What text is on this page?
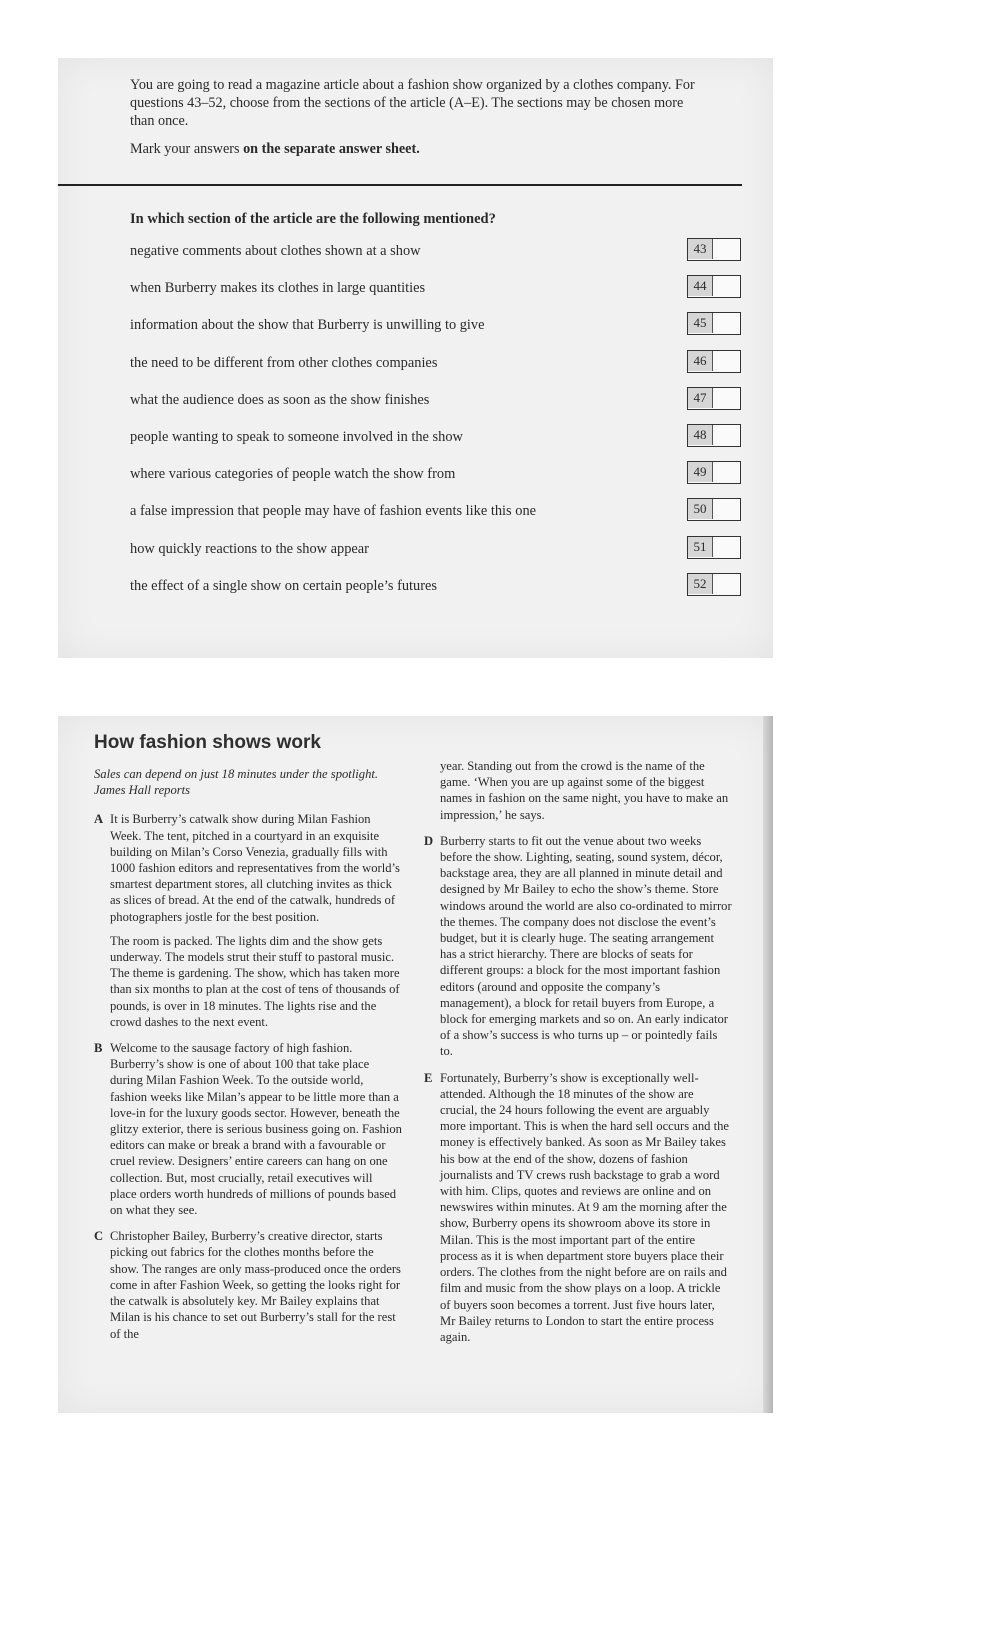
You are going to read a magazine article about a fashion show organized by a clothes company. For questions 43–52, choose from the sections of the article (A–E). The sections may be chosen more than once.

Mark your answers on the separate answer sheet.

In which section of the article are the following mentioned?
negative comments about clothes shown at a show	43
when Burberry makes its clothes in large quantities	44
information about the show that Burberry is unwilling to give	45
the need to be different from other clothes companies	46
what the audience does as soon as the show finishes	47
people wanting to speak to someone involved in the show	48
where various categories of people watch the show from	49
a false impression that people may have of fashion events like this one	50
how quickly reactions to the show appear	51
the effect of a single show on certain people’s futures	52
How fashion shows work

Sales can depend on just 18 minutes under the spotlight. James Hall reports

A It is Burberry’s catwalk show during Milan Fashion Week. The tent, pitched in a courtyard in an exquisite building on Milan’s Corso Venezia, gradually fills with 1000 fashion editors and representatives from the world’s smartest department stores, all clutching invites as thick as slices of bread. At the end of the catwalk, hundreds of photographers jostle for the best position.

The room is packed. The lights dim and the show gets underway. The models strut their stuff to pastoral music. The theme is gardening. The show, which has taken more than six months to plan at the cost of tens of thousands of pounds, is over in 18 minutes. The lights rise and the crowd dashes to the next event.

B Welcome to the sausage factory of high fashion. Burberry’s show is one of about 100 that take place during Milan Fashion Week. To the outside world, fashion weeks like Milan’s appear to be little more than a love-in for the luxury goods sector. However, beneath the glitzy exterior, there is serious business going on. Fashion editors can make or break a brand with a favourable or cruel review. Designers’ entire careers can hang on one collection. But, most crucially, retail executives will place orders worth hundreds of millions of pounds based on what they see.

C Christopher Bailey, Burberry’s creative director, starts picking out fabrics for the clothes months before the show. The ranges are only mass-produced once the orders come in after Fashion Week, so getting the looks right for the catwalk is absolutely key. Mr Bailey explains that Milan is his chance to set out Burberry’s stall for the rest of the

year. Standing out from the crowd is the name of the game. ‘When you are up against some of the biggest names in fashion on the same night, you have to make an impression,’ he says.

D Burberry starts to fit out the venue about two weeks before the show. Lighting, seating, sound system, décor, backstage area, they are all planned in minute detail and designed by Mr Bailey to echo the show’s theme. Store windows around the world are also co-ordinated to mirror the themes. The company does not disclose the event’s budget, but it is clearly huge. The seating arrangement has a strict hierarchy. There are blocks of seats for different groups: a block for the most important fashion editors (around and opposite the company’s management), a block for retail buyers from Europe, a block for emerging markets and so on. An early indicator of a show’s success is who turns up – or pointedly fails to.

E Fortunately, Burberry’s show is exceptionally well-attended. Although the 18 minutes of the show are crucial, the 24 hours following the event are arguably more important. This is when the hard sell occurs and the money is effectively banked. As soon as Mr Bailey takes his bow at the end of the show, dozens of fashion journalists and TV crews rush backstage to grab a word with him. Clips, quotes and reviews are online and on newswires within minutes. At 9 am the morning after the show, Burberry opens its showroom above its store in Milan. This is the most important part of the entire process as it is when department store buyers place their orders. The clothes from the night before are on rails and film and music from the show plays on a loop. A trickle of buyers soon becomes a torrent. Just five hours later, Mr Bailey returns to London to start the entire process again.
